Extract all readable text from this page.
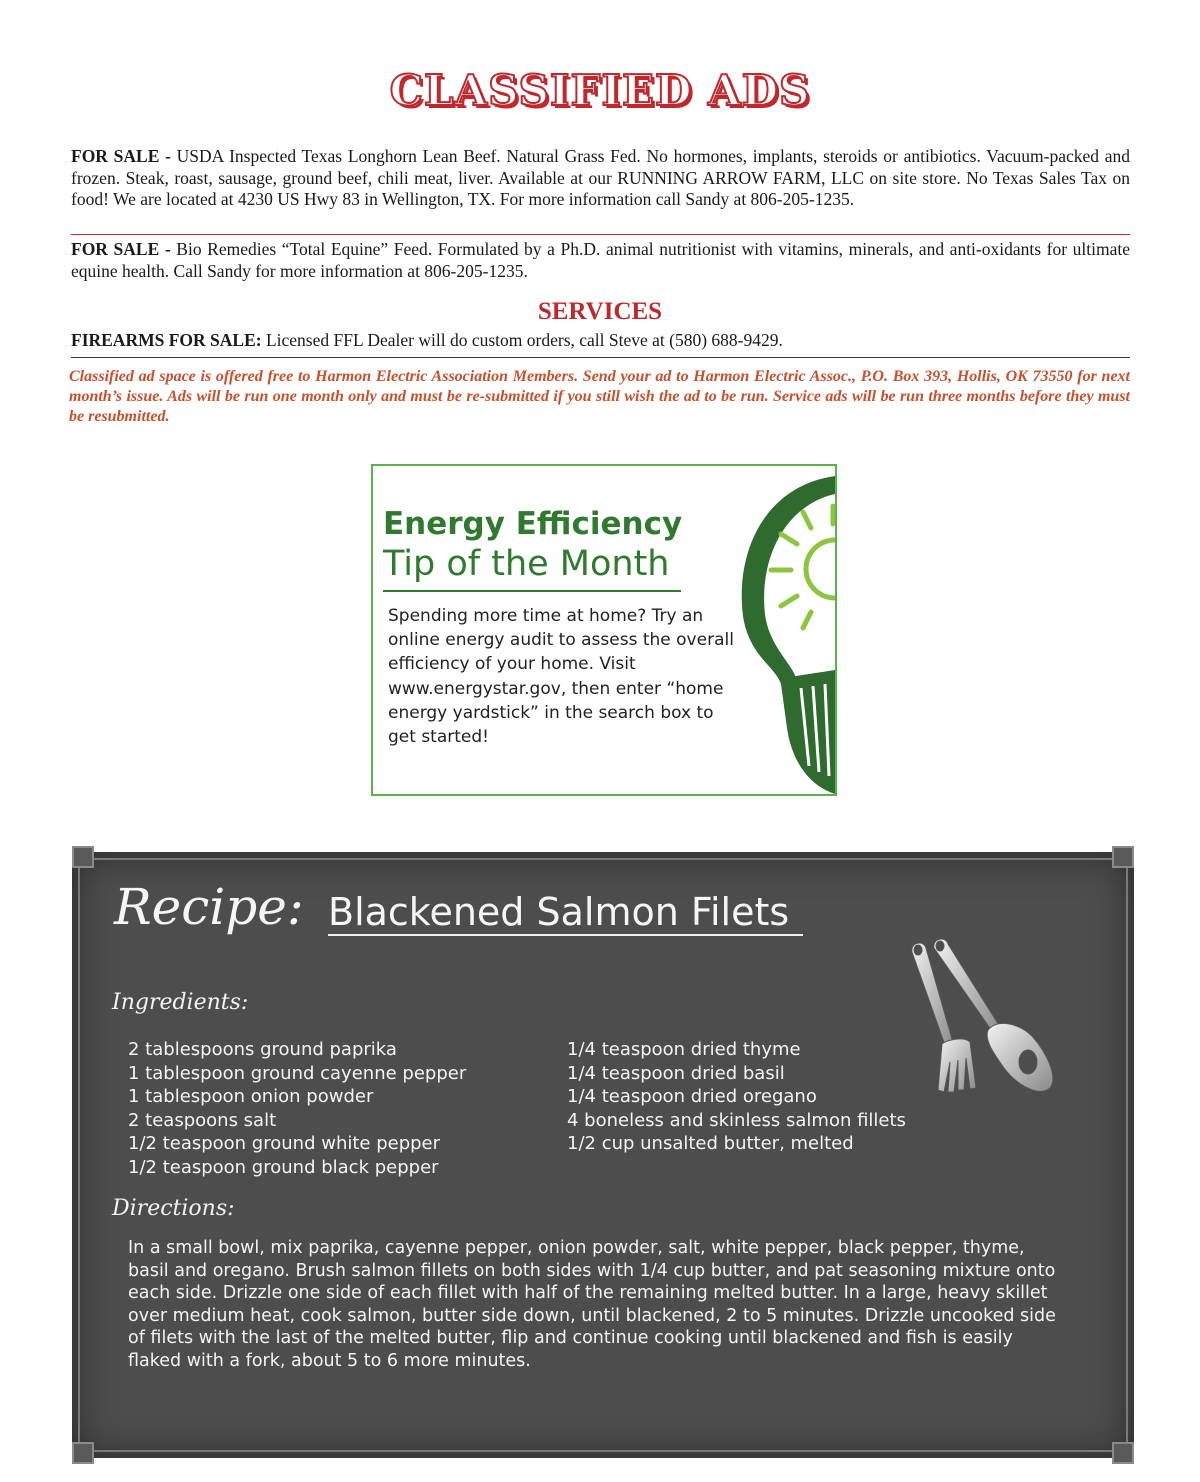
CLASSIFIED ADS
FOR SALE - USDA Inspected Texas Longhorn Lean Beef. Natural Grass Fed. No hormones, implants, steroids or antibiotics. Vacuum-packed and frozen. Steak, roast, sausage, ground beef, chili meat, liver. Available at our RUNNING ARROW FARM, LLC on site store. No Texas Sales Tax on food! We are located at 4230 US Hwy 83 in Wellington, TX. For more information call Sandy at 806-205-1235.
FOR SALE - Bio Remedies “Total Equine” Feed. Formulated by a Ph.D. animal nutritionist with vitamins, minerals, and anti-oxidants for ultimate equine health. Call Sandy for more information at 806-205-1235.
SERVICES
FIREARMS FOR SALE: Licensed FFL Dealer will do custom orders, call Steve at (580) 688-9429.
Classified ad space is offered free to Harmon Electric Association Members. Send your ad to Harmon Electric Assoc., P.O. Box 393, Hollis, OK 73550 for next month’s issue. Ads will be run one month only and must be re-submitted if you still wish the ad to be run. Service ads will be run three months before they must be resubmitted.
Energy Efficiency
Tip of the Month
Spending more time at home? Try an online energy audit to assess the overall efficiency of your home. Visit www.energystar.gov, then enter “home energy yardstick” in the search box to get started!
Recipe: Blackened Salmon Filets
Ingredients:
2 tablespoons ground paprika
1 tablespoon ground cayenne pepper
1 tablespoon onion powder
2 teaspoons salt
1/2 teaspoon ground white pepper
1/2 teaspoon ground black pepper
1/4 teaspoon dried thyme
1/4 teaspoon dried basil
1/4 teaspoon dried oregano
4 boneless and skinless salmon fillets
1/2 cup unsalted butter, melted
Directions:
In a small bowl, mix paprika, cayenne pepper, onion powder, salt, white pepper, black pepper, thyme, basil and oregano. Brush salmon fillets on both sides with 1/4 cup butter, and pat seasoning mixture onto each side. Drizzle one side of each fillet with half of the remaining melted butter. In a large, heavy skillet over medium heat, cook salmon, butter side down, until blackened, 2 to 5 minutes. Drizzle uncooked side of filets with the last of the melted butter, flip and continue cooking until blackened and fish is easily flaked with a fork, about 5 to 6 more minutes.
